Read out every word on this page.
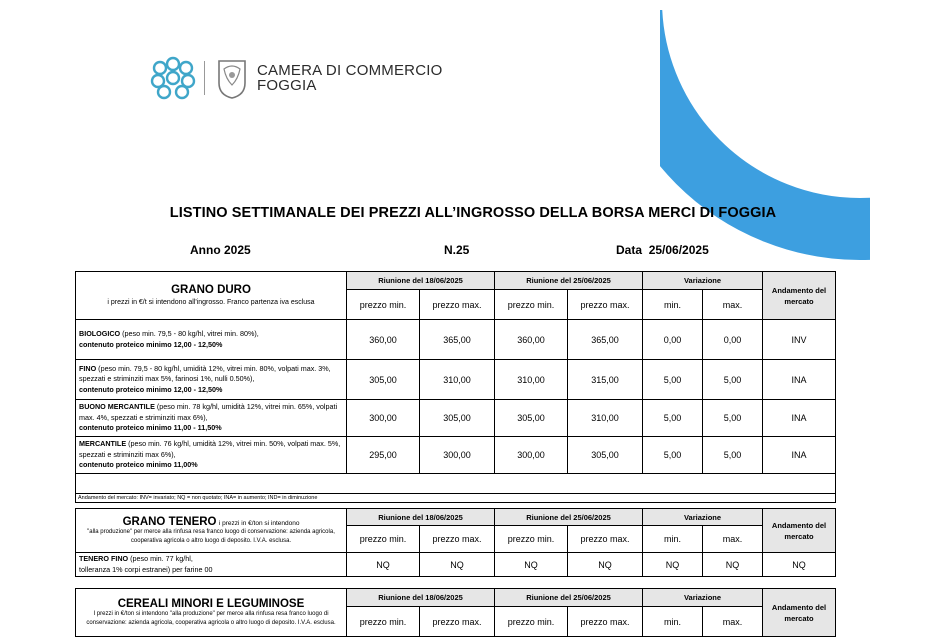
CAMERA DI COMMERCIO
FOGGIA
LISTINO SETTIMANALE DEI PREZZI ALL’INGROSSO DELLA BORSA MERCI DI FOGGIA
Anno 2025	N.25	Data 25/06/2025
GRANO DURO
i prezzi in €/t si intendono all'ingrosso. Franco partenza iva esclusa	Riunione del 18/06/2025		Riunione del 25/06/2025		Variazione		Andamento del mercato
	prezzo min.	prezzo max.	prezzo min.	prezzo max.	min.	max.	
BIOLOGICO (peso min. 79,5 - 80 kg/hl, vitrei min. 80%),
contenuto proteico minimo 12,00 - 12,50%	360,00	365,00	360,00	365,00	0,00	0,00	INV
FINO (peso min. 79,5 - 80 kg/hl, umidità 12%, vitrei min. 80%, volpati max. 3%, spezzati e striminziti max 5%, farinosi 1%, nulli 0.50%),
contenuto proteico minimo 12,00 - 12,50%	305,00	310,00	310,00	315,00	5,00	5,00	INA
BUONO MERCANTILE (peso min. 78 kg/hl, umidità 12%, vitrei min. 65%, volpati max. 4%, spezzati e striminziti max 6%),
contenuto proteico minimo 11,00 - 11,50%	300,00	305,00	305,00	310,00	5,00	5,00	INA
MERCANTILE (peso min. 76 kg/hl, umidità 12%, vitrei min. 50%, volpati max. 5%, spezzati e striminziti max 6%),
contenuto proteico minimo 11,00%	295,00	300,00	300,00	305,00	5,00	5,00	INA

Andamento del mercato: INV= invariato; NQ = non quotato; INA= in aumento; IND= in diminuzione							
GRANO TENERO i prezzi in €/ton si intendono
"alla produzione" per merce alla rinfusa resa franco luogo di conservazione: azienda agricola, cooperativa agricola o altro luogo di deposito. I.V.A. esclusa.	Riunione del 18/06/2025		Riunione del 25/06/2025		Variazione		Andamento del mercato
	prezzo min.	prezzo max.	prezzo min.	prezzo max.	min.	max.	
TENERO FINO (peso min. 77 kg/hl,
tolleranza 1% corpi estranei) per farine 00	NQ	NQ	NQ	NQ	NQ	NQ	NQ
CEREALI MINORI E LEGUMINOSE
I prezzi in €/ton si intendono "alla produzione" per merce alla rinfusa resa franco luogo di conservazione: azienda agricola, cooperativa agricola o altro luogo di deposito. I.V.A. esclusa.	Riunione del 18/06/2025		Riunione del 25/06/2025		Variazione		Andamento del mercato
	prezzo min.	prezzo max.	prezzo min.	prezzo max.	min.	max.	
